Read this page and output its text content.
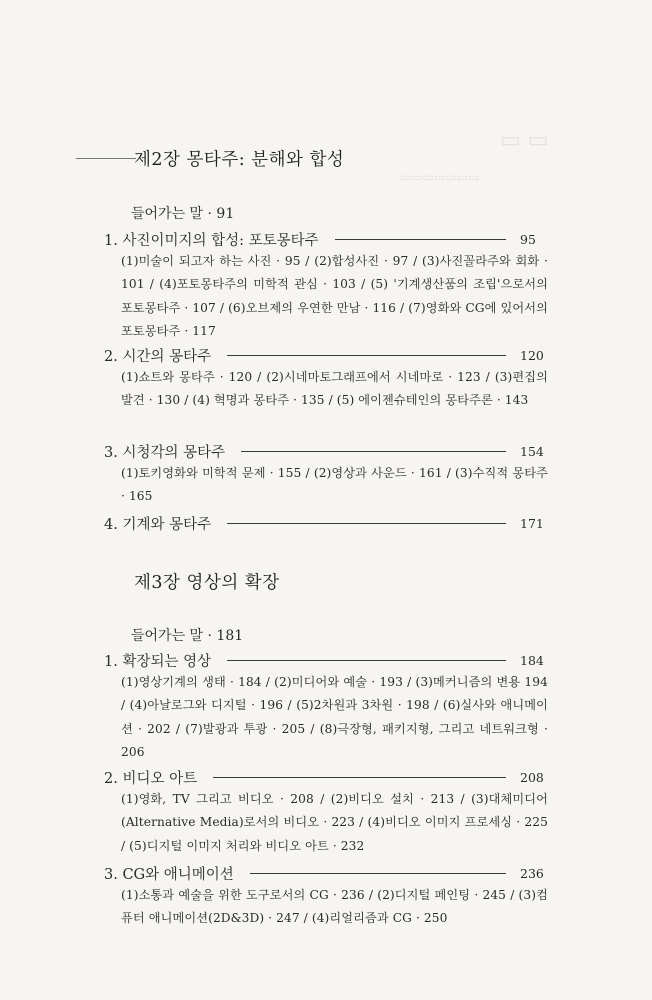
▭ ▭
▭▭▭▭▭▭▭
제2장 몽타주: 분해와 합성
들어가는 말 · 91
1. 사진이미지의 합성: 포토몽타주	95
(1)미술이 되고자 하는 사진 · 95 / (2)합성사진 · 97 / (3)사진꼴라주와 회화 · 101 / (4)포토몽타주의 미학적 관심 · 103 / (5) '기계생산품의 조립'으로서의 포토몽타주 · 107 / (6)오브제의 우연한 만남 · 116 / (7)영화와 CG에 있어서의 포토몽타주 · 117
2. 시간의 몽타주	120
(1)쇼트와 몽타주 · 120 / (2)시네마토그래프에서 시네마로 · 123 / (3)편집의 발견 · 130 / (4) 혁명과 몽타주 · 135 / (5) 에이젠슈테인의 몽타주론 · 143
3. 시청각의 몽타주	154
(1)토키영화와 미학적 문제 · 155 / (2)영상과 사운드 · 161 / (3)수직적 몽타주 · 165
4. 기계와 몽타주	171
제3장 영상의 확장
들어가는 말 · 181
1. 확장되는 영상	184
(1)영상기계의 생태 · 184 / (2)미디어와 예술 · 193 / (3)메커니즘의 변용 194 / (4)아날로그와 디지털 · 196 / (5)2차원과 3차원 · 198 / (6)실사와 애니메이션 · 202 / (7)발광과 투광 · 205 / (8)극장형, 패키지형, 그리고 네트워크형 · 206
2. 비디오 아트	208
(1)영화, TV 그리고 비디오 · 208 / (2)비디오 설치 · 213 / (3)대체미디어(Alternative Media)로서의 비디오 · 223 / (4)비디오 이미지 프로세싱 · 225 / (5)디지털 이미지 처리와 비디오 아트 · 232
3. CG와 애니메이션	236
(1)소통과 예술을 위한 도구로서의 CG · 236 / (2)디지털 페인팅 · 245 / (3)컴퓨터 애니메이션(2D&3D) · 247 / (4)리얼리즘과 CG · 250
